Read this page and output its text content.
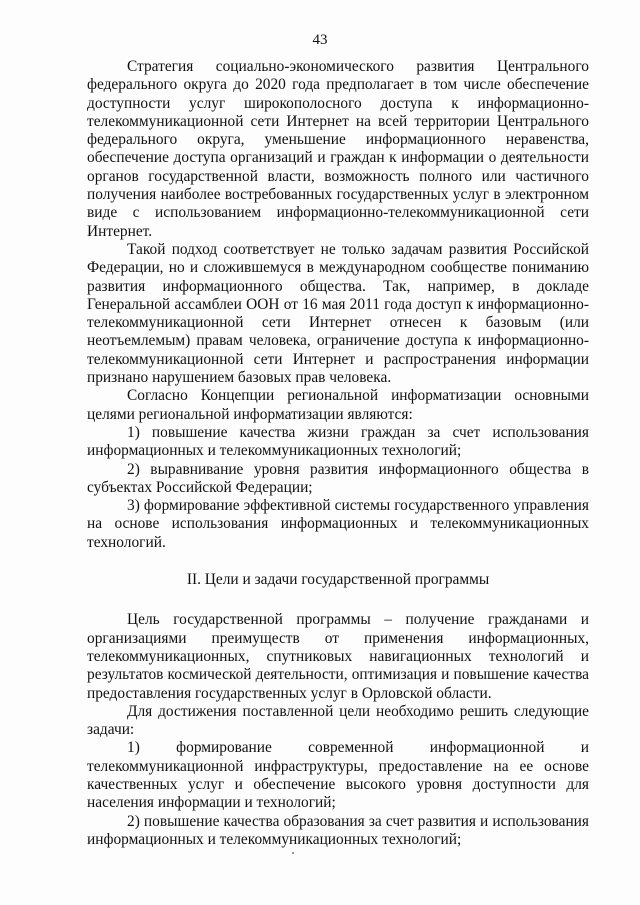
43

Стратегия социально-экономического развития Центрального федерального округа до 2020 года предполагает в том числе обеспечение доступности услуг широкополосного доступа к информационно-телекоммуникационной сети Интернет на всей территории Центрального федерального округа, уменьшение информационного неравенства, обеспечение доступа организаций и граждан к информации о деятельности органов государственной власти, возможность полного или частичного получения наиболее востребованных государственных услуг в электронном виде с использованием информационно-телекоммуникационной сети Интернет.

Такой подход соответствует не только задачам развития Российской Федерации, но и сложившемуся в международном сообществе пониманию развития информационного общества. Так, например, в докладе Генеральной ассамблеи ООН от 16 мая 2011 года доступ к информационно-телекоммуникационной сети Интернет отнесен к базовым (или неотъемлемым) правам человека, ограничение доступа к информационно-телекоммуникационной сети Интернет и распространения информации признано нарушением базовых прав человека.

Согласно Концепции региональной информатизации основными целями региональной информатизации являются:

1) повышение качества жизни граждан за счет использования информационных и телекоммуникационных технологий;

2) выравнивание уровня развития информационного общества в субъектах Российской Федерации;

3) формирование эффективной системы государственного управления на основе использования информационных и телекоммуникационных технологий.

II. Цели и задачи государственной программы

Цель государственной программы – получение гражданами и организациями преимуществ от применения информационных, телекоммуникационных, спутниковых навигационных технологий и результатов космической деятельности, оптимизация и повышение качества предоставления государственных услуг в Орловской области.

Для достижения поставленной цели необходимо решить следующие задачи:

1) формирование современной информационной и телекоммуникационной инфраструктуры, предоставление на ее основе качественных услуг и обеспечение высокого уровня доступности для населения информации и технологий;

2) повышение качества образования за счет развития и использования информационных и телекоммуникационных технологий;
